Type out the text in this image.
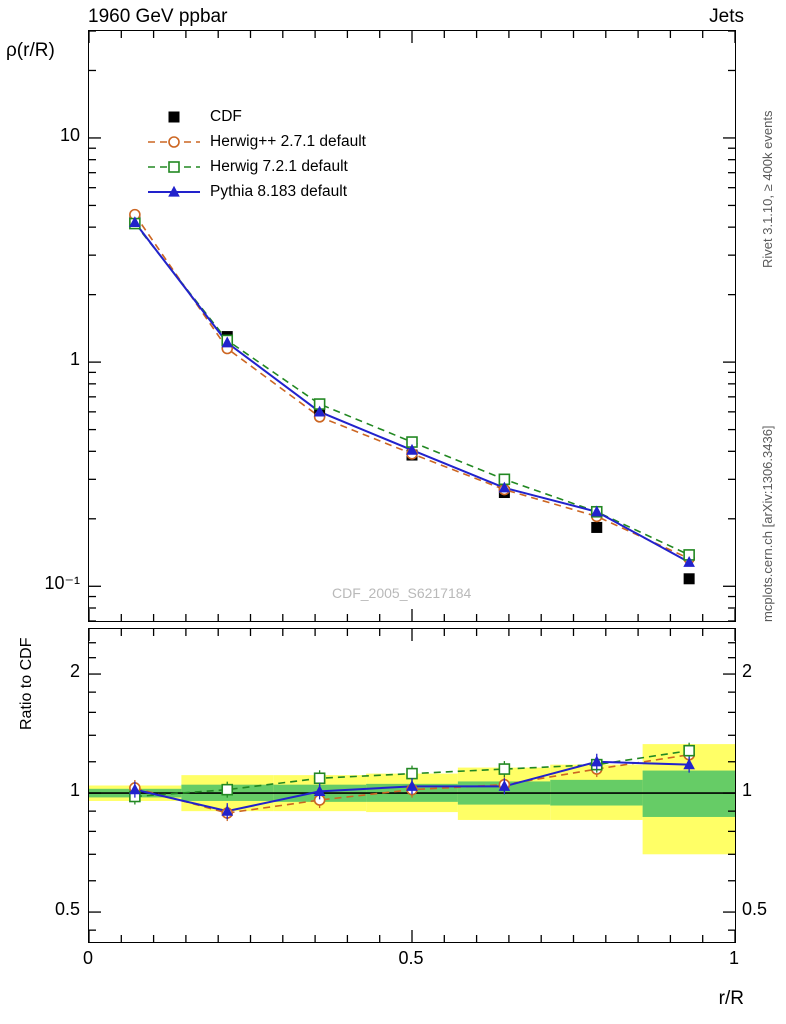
1960 GeV ppbar	Jets
ρ(r/R)
r/R
Ratio to CDF
Rivet 3.1.10, ≥ 400k events
mcplots.cern.ch [arXiv:1306.3436]
CDF
Herwig++ 2.7.1 default
Herwig 7.2.1 default
Pythia 8.183 default
CDF_2005_S6217184
10⁻¹
1
10
0.5	0.5
1	1
2	2
0	0.5	1
